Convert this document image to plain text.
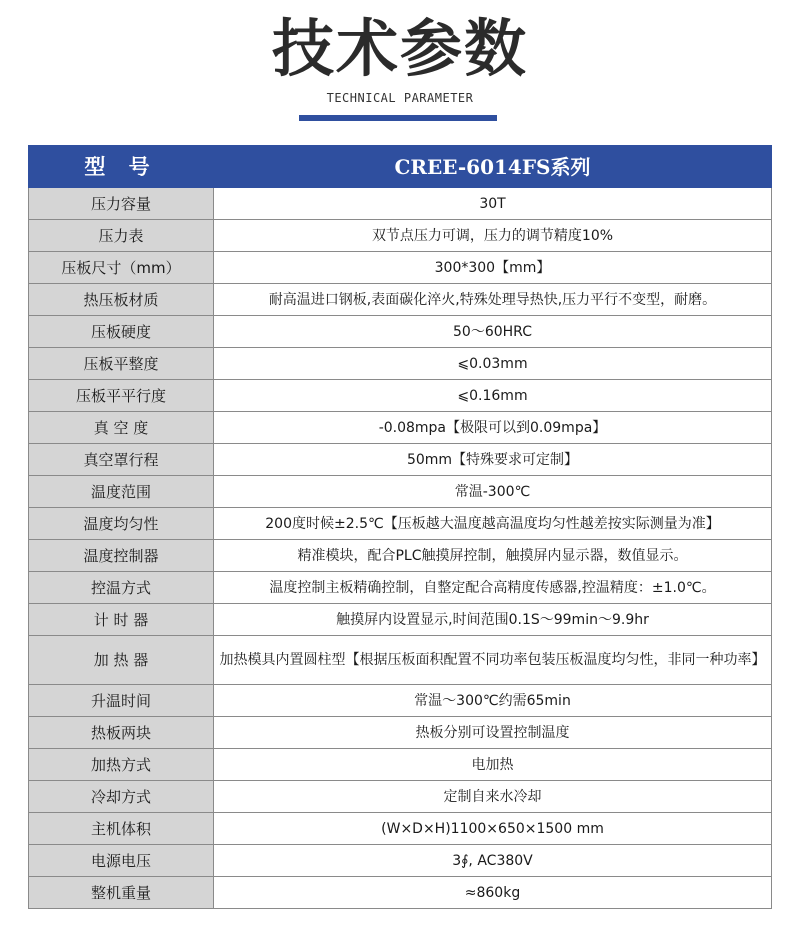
技术参数
TECHNICAL PARAMETER
型 号	CREE-6014FS系列
压力容量	30T
压力表	双节点压力可调，压力的调节精度10%
压板尺寸（mm）	300*300【mm】
热压板材质	耐高温进口钢板,表面碳化淬火,特殊处理导热快,压力平行不变型，耐磨。
压板硬度	50～60HRC
压板平整度	⩽0.03mm
压板平平行度	⩽0.16mm
真 空 度	-0.08mpa【极限可以到0.09mpa】
真空罩行程	50mm【特殊要求可定制】
温度范围	常温-300℃
温度均匀性	200度时候±2.5℃【压板越大温度越高温度均匀性越差按实际测量为准】
温度控制器	精准模块，配合PLC触摸屏控制，触摸屏内显示器，数值显示。
控温方式	温度控制主板精确控制，自整定配合高精度传感器,控温精度：±1.0℃。
计 时 器	触摸屏内设置显示,时间范围0.1S～99min～9.9hr
加 热 器	加热模具内置圆柱型【根据压板面积配置不同功率包装压板温度均匀性，非同一种功率】
升温时间	常温～300℃约需65min
热板两块	热板分别可设置控制温度
加热方式	电加热
冷却方式	定制自来水冷却
主机体积	(W×D×H)1100×650×1500 mm
电源电压	3∮, AC380V
整机重量	≈860kg
